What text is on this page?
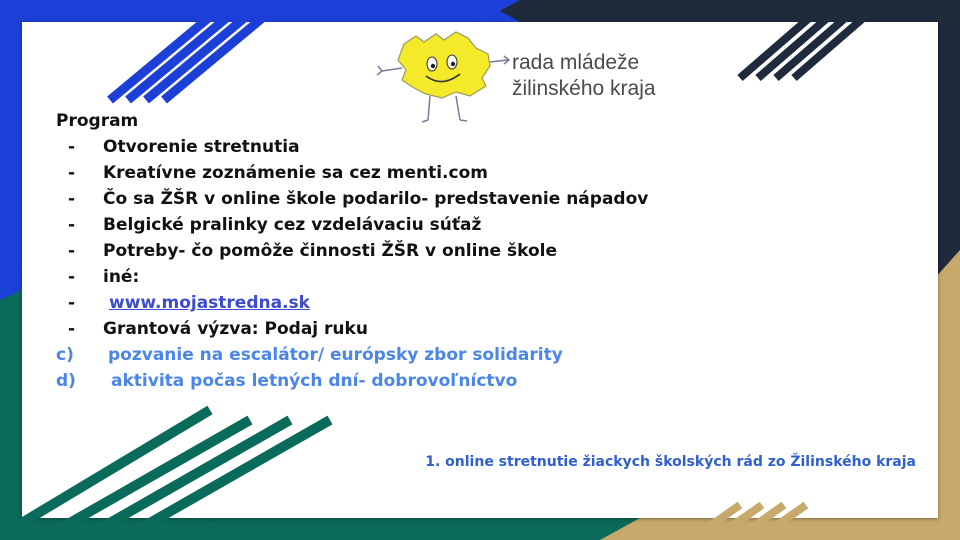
rada mládeže
žilinského kraja
Program
- Otvorenie stretnutia
- Kreatívne zoznámenie sa cez menti.com
- Čo sa ŽŠR v online škole podarilo- predstavenie nápadov
- Belgické pralinky cez vzdelávaciu súťaž
- Potreby- čo pomôže činnosti ŽŠR v online škole
- iné:
- www.mojastredna.sk
- Grantová výzva: Podaj ruku
c) pozvanie na escalátor/ európsky zbor solidarity
d) aktivita počas letných dní- dobrovoľníctvo
1. online stretnutie žiackych školských rád zo Žilinského kraja
